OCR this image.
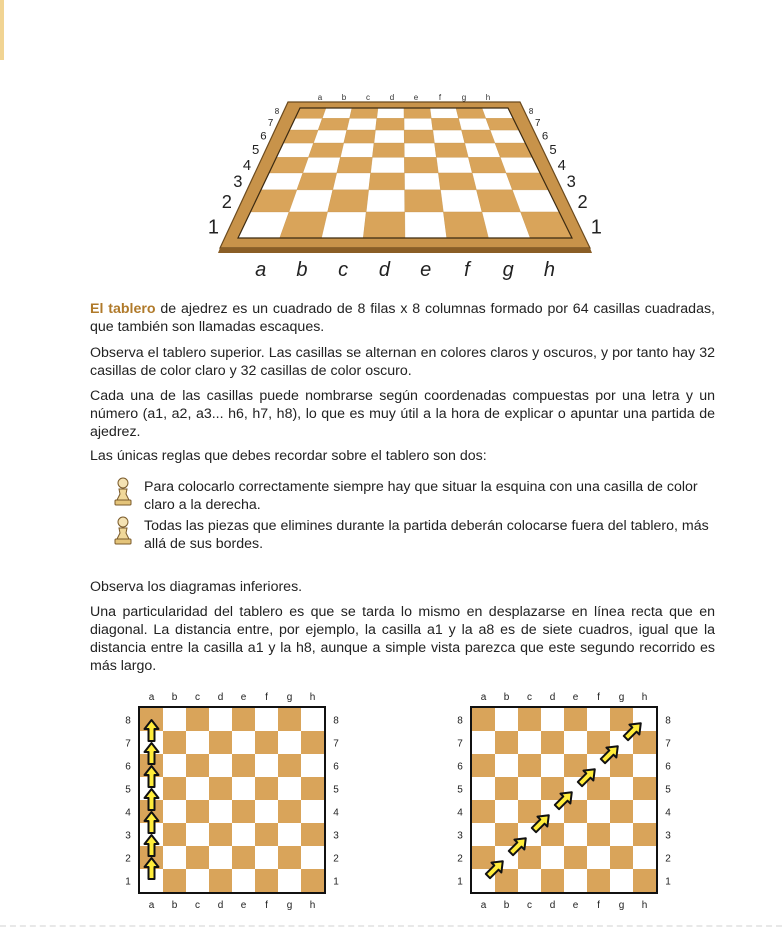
a b c d e	f	g h
a b c d e f g h
1	1
2	2
3	3
4	4
5	5
6	6
7	7
8	8

El tablero de ajedrez es un cuadrado de 8 filas x 8 columnas formado por 64 casillas cuadradas, que también son llamadas escaques.

Observa el tablero superior. Las casillas se alternan en colores claros y oscuros, y por tanto hay 32 casillas de color claro y 32 casillas de color oscuro.

Cada una de las casillas puede nombrarse según coordenadas compuestas por una letra y un número (a1, a2, a3... h6, h7, h8), lo que es muy útil a la hora de explicar o apuntar una partida de ajedrez.

Las únicas reglas que debes recordar sobre el tablero son dos:

Para colocarlo correctamente siempre hay que situar la esquina con una casilla de color claro a la derecha.
Todas las piezas que elimines durante la partida deberán colocarse fuera del tablero, más allá de sus bordes.

Observa los diagramas inferiores.

Una particularidad del tablero es que se tarda lo mismo en desplazarse en línea recta que en diagonal. La distancia entre, por ejemplo, la casilla a1 y la a8 es de siete cuadros, igual que la distancia entre la casilla a1 y la h8, aunque a simple vista parezca que este segundo recorrido es más largo.

a
a
b
b
c
c
d
d
e
e
f
f
g
g
h
h
1	1
2	2
3	3
4	4
5	5
6	6
7	7
8	8
a
a
b
b
c
c
d
d
e
e
f
f
g
g
h
h
1	1
2	2
3	3
4	4
5	5
6	6
7	7
8	8
